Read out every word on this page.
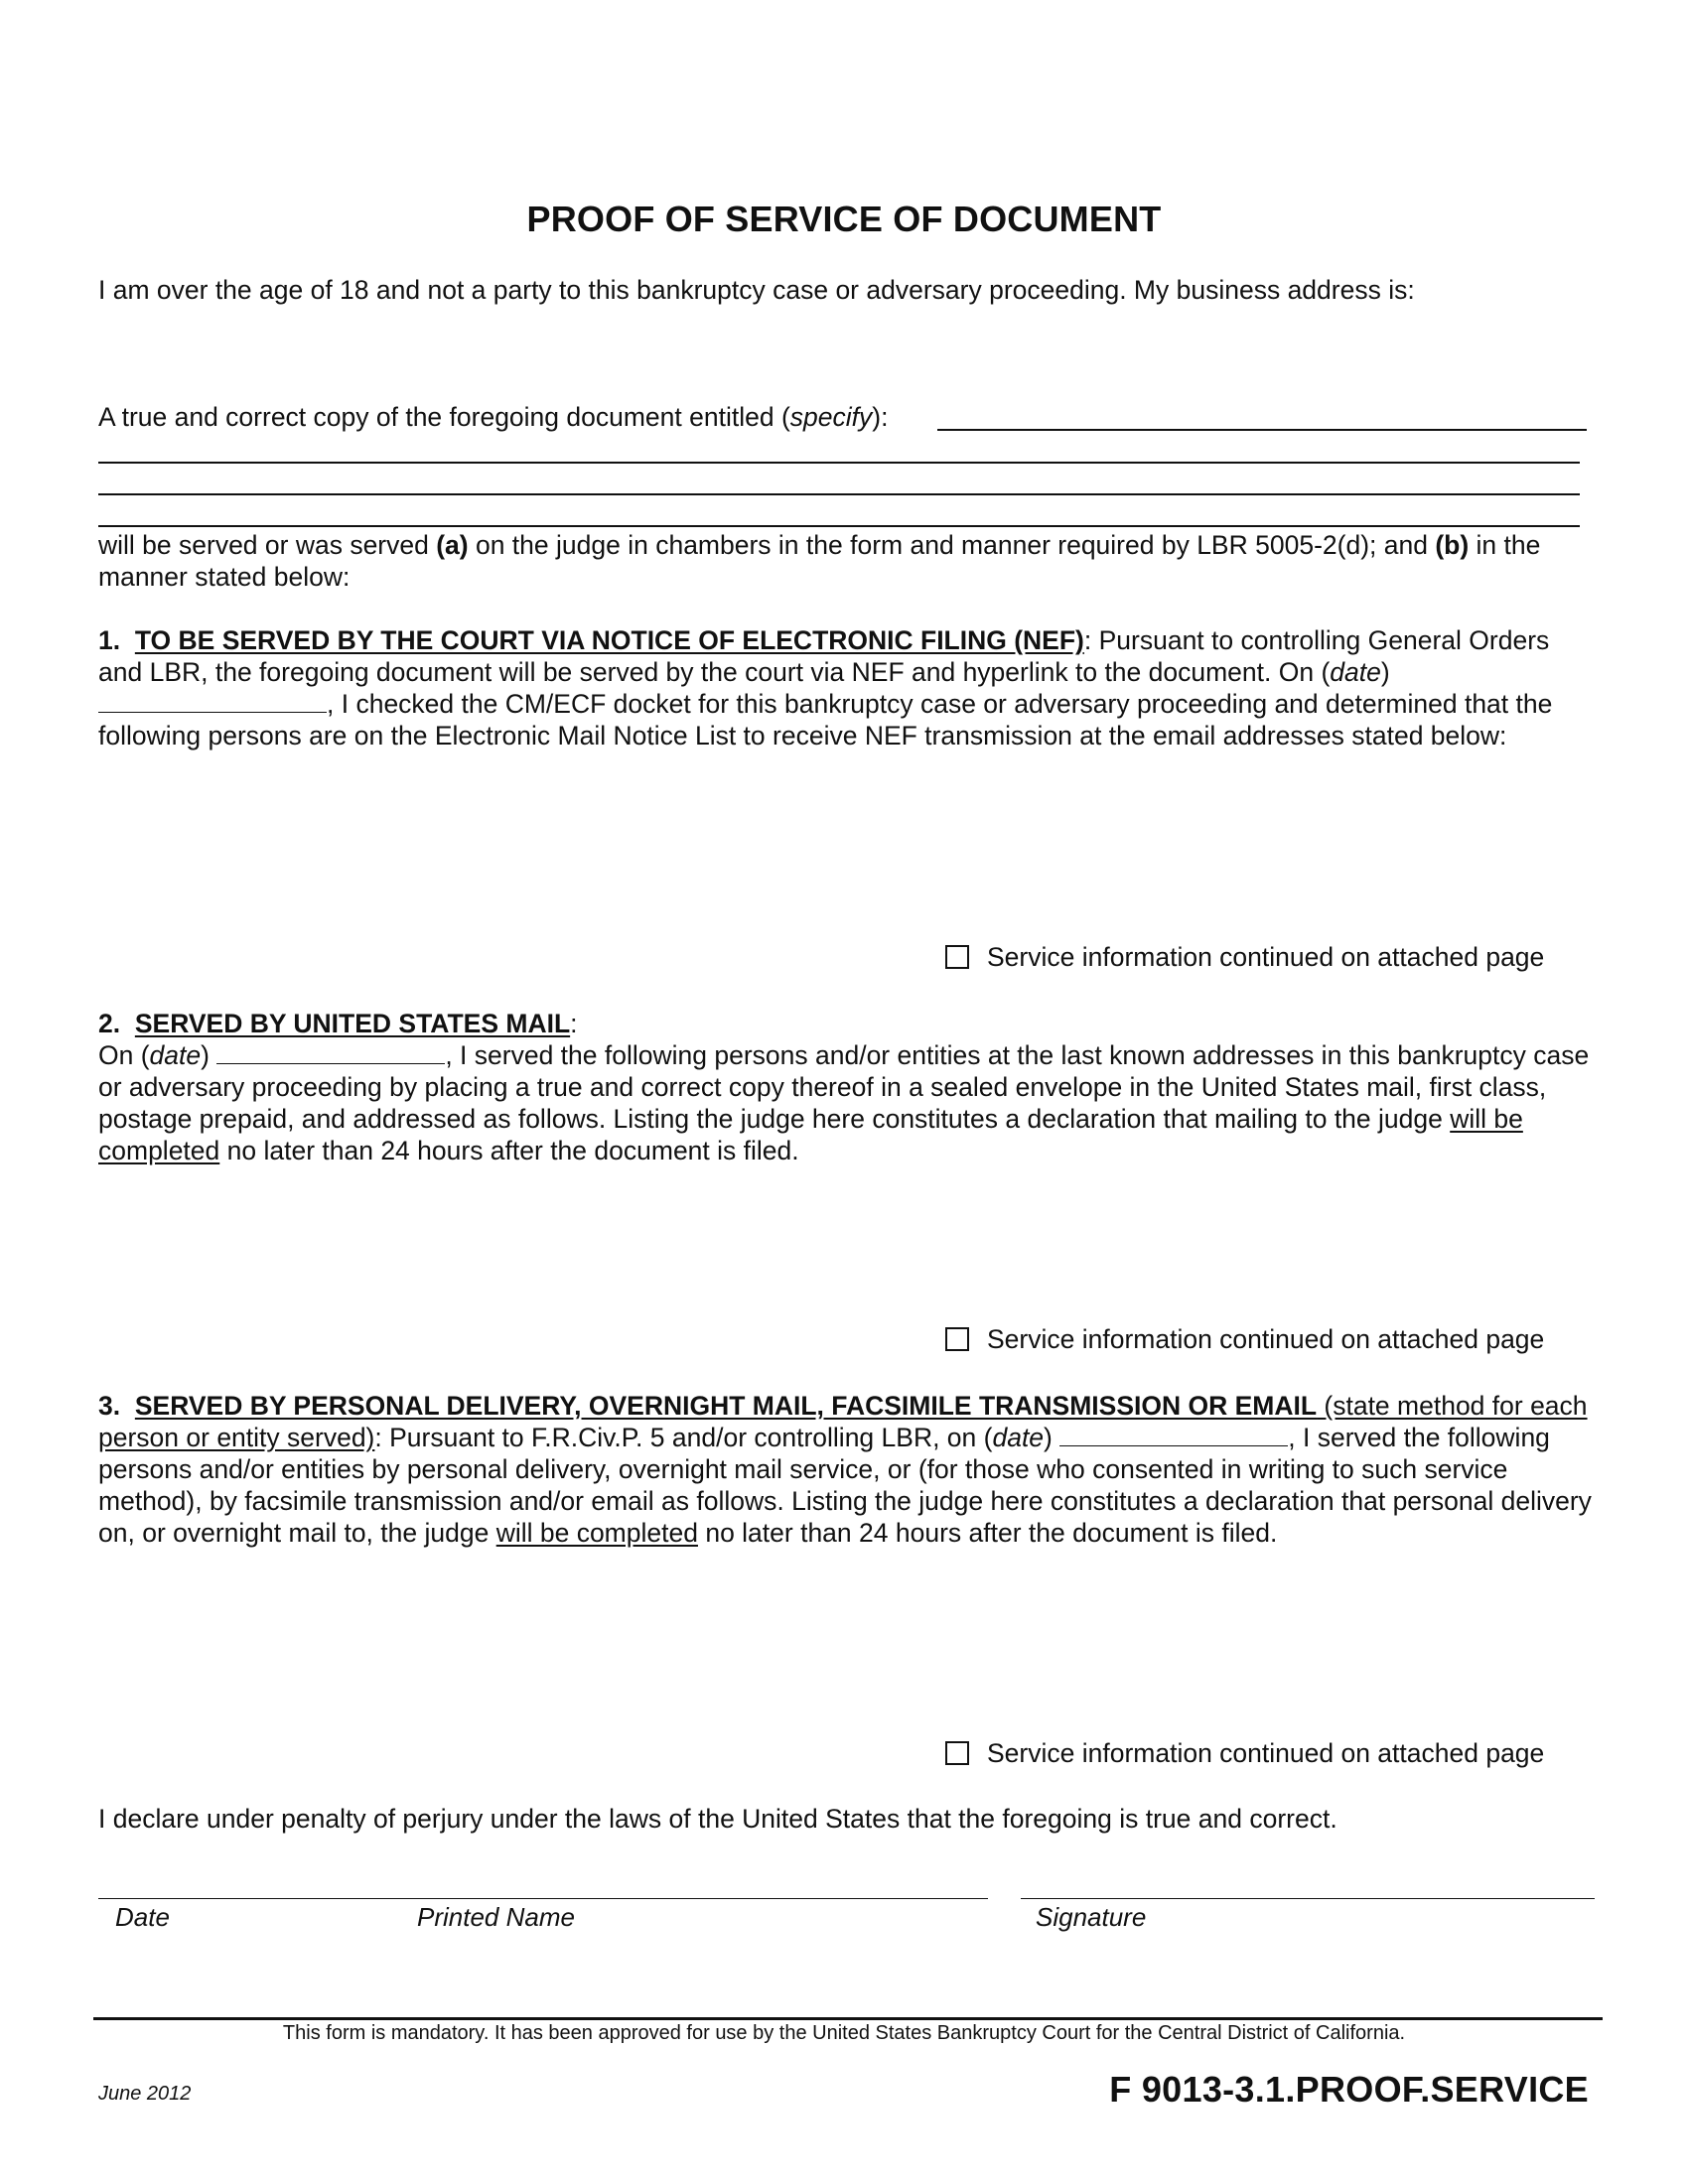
PROOF OF SERVICE OF DOCUMENT
I am over the age of 18 and not a party to this bankruptcy case or adversary proceeding. My business address is:
A true and correct copy of the foregoing document entitled (specify):
will be served or was served (a) on the judge in chambers in the form and manner required by LBR 5005-2(d); and (b) in the manner stated below:
1. TO BE SERVED BY THE COURT VIA NOTICE OF ELECTRONIC FILING (NEF): Pursuant to controlling General Orders and LBR, the foregoing document will be served by the court via NEF and hyperlink to the document. On (date) , I checked the CM/ECF docket for this bankruptcy case or adversary proceeding and determined that the following persons are on the Electronic Mail Notice List to receive NEF transmission at the email addresses stated below:
Service information continued on attached page
2. SERVED BY UNITED STATES MAIL:
On (date)	, I served the following persons and/or entities at the last known addresses in this bankruptcy case or adversary proceeding by placing a true and correct copy thereof in a sealed envelope in the United States mail, first class, postage prepaid, and addressed as follows. Listing the judge here constitutes a declaration that mailing to the judge will be completed no later than 24 hours after the document is filed.
Service information continued on attached page
3. SERVED BY PERSONAL DELIVERY, OVERNIGHT MAIL, FACSIMILE TRANSMISSION OR EMAIL (state method for each person or entity served): Pursuant to F.R.Civ.P. 5 and/or controlling LBR, on (date)	, I served the following persons and/or entities by personal delivery, overnight mail service, or (for those who consented in writing to such service method), by facsimile transmission and/or email as follows. Listing the judge here constitutes a declaration that personal delivery on, or overnight mail to, the judge will be completed no later than 24 hours after the document is filed.
Service information continued on attached page
I declare under penalty of perjury under the laws of the United States that the foregoing is true and correct.
Date	Printed Name	Signature
This form is mandatory. It has been approved for use by the United States Bankruptcy Court for the Central District of California.
June 2012	F 9013-3.1.PROOF.SERVICE
